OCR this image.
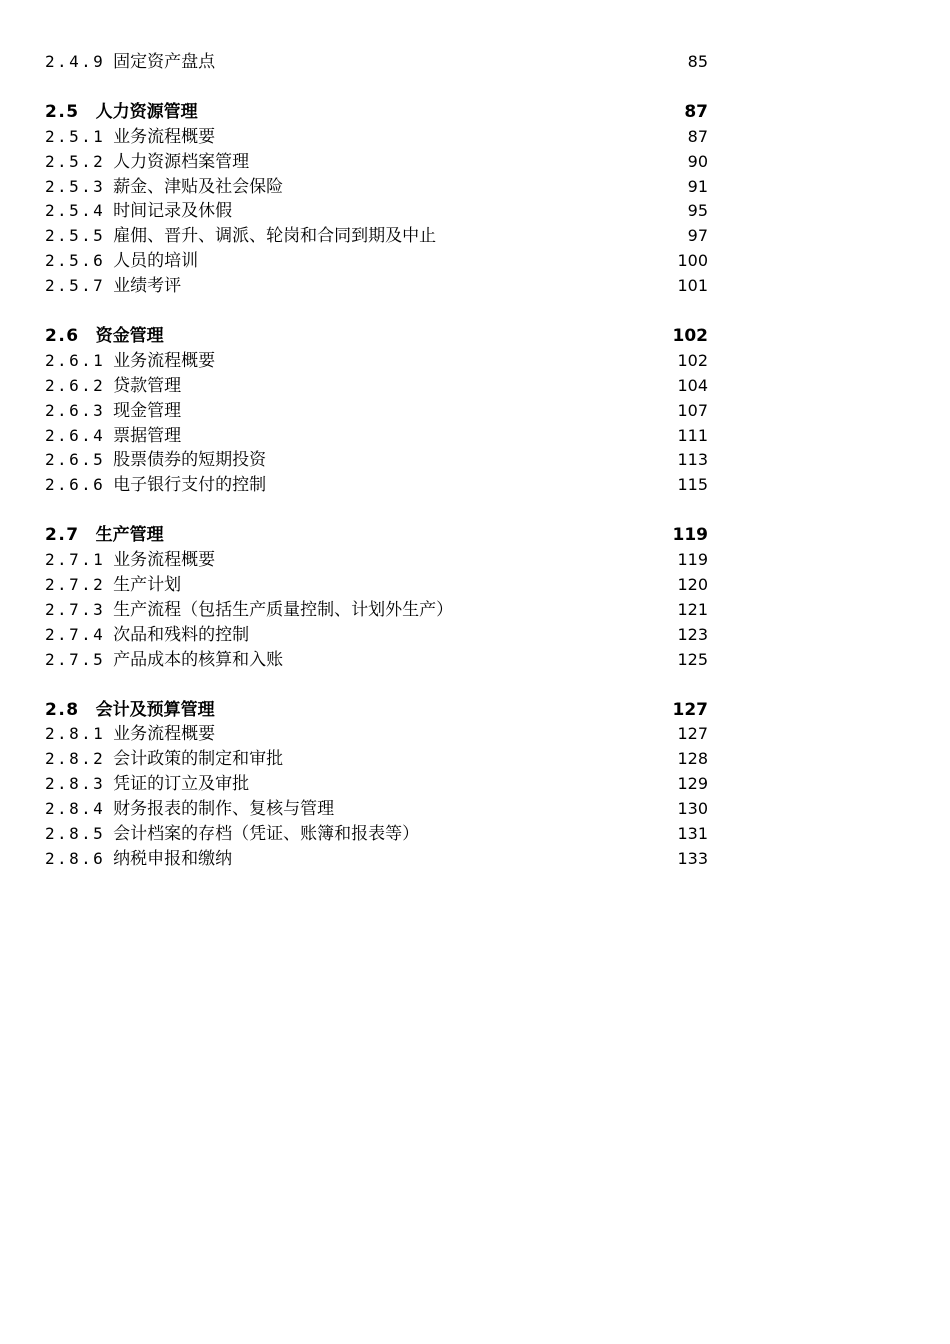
2.4.9 固定资产盘点	85
2.5 人力资源管理	87
2.5.1 业务流程概要	87
2.5.2 人力资源档案管理	90
2.5.3 薪金、津贴及社会保险	91
2.5.4 时间记录及休假	95
2.5.5 雇佣、晋升、调派、轮岗和合同到期及中止	97
2.5.6 人员的培训	100
2.5.7 业绩考评	101
2.6 资金管理	102
2.6.1 业务流程概要	102
2.6.2 贷款管理	104
2.6.3 现金管理	107
2.6.4 票据管理	111
2.6.5 股票债券的短期投资	113
2.6.6 电子银行支付的控制	115
2.7 生产管理	119
2.7.1 业务流程概要	119
2.7.2 生产计划	120
2.7.3 生产流程（包括生产质量控制、计划外生产）	121
2.7.4 次品和残料的控制	123
2.7.5 产品成本的核算和入账	125
2.8 会计及预算管理	127
2.8.1 业务流程概要	127
2.8.2 会计政策的制定和审批	128
2.8.3 凭证的订立及审批	129
2.8.4 财务报表的制作、复核与管理	130
2.8.5 会计档案的存档（凭证、账簿和报表等）	131
2.8.6 纳税申报和缴纳	133
